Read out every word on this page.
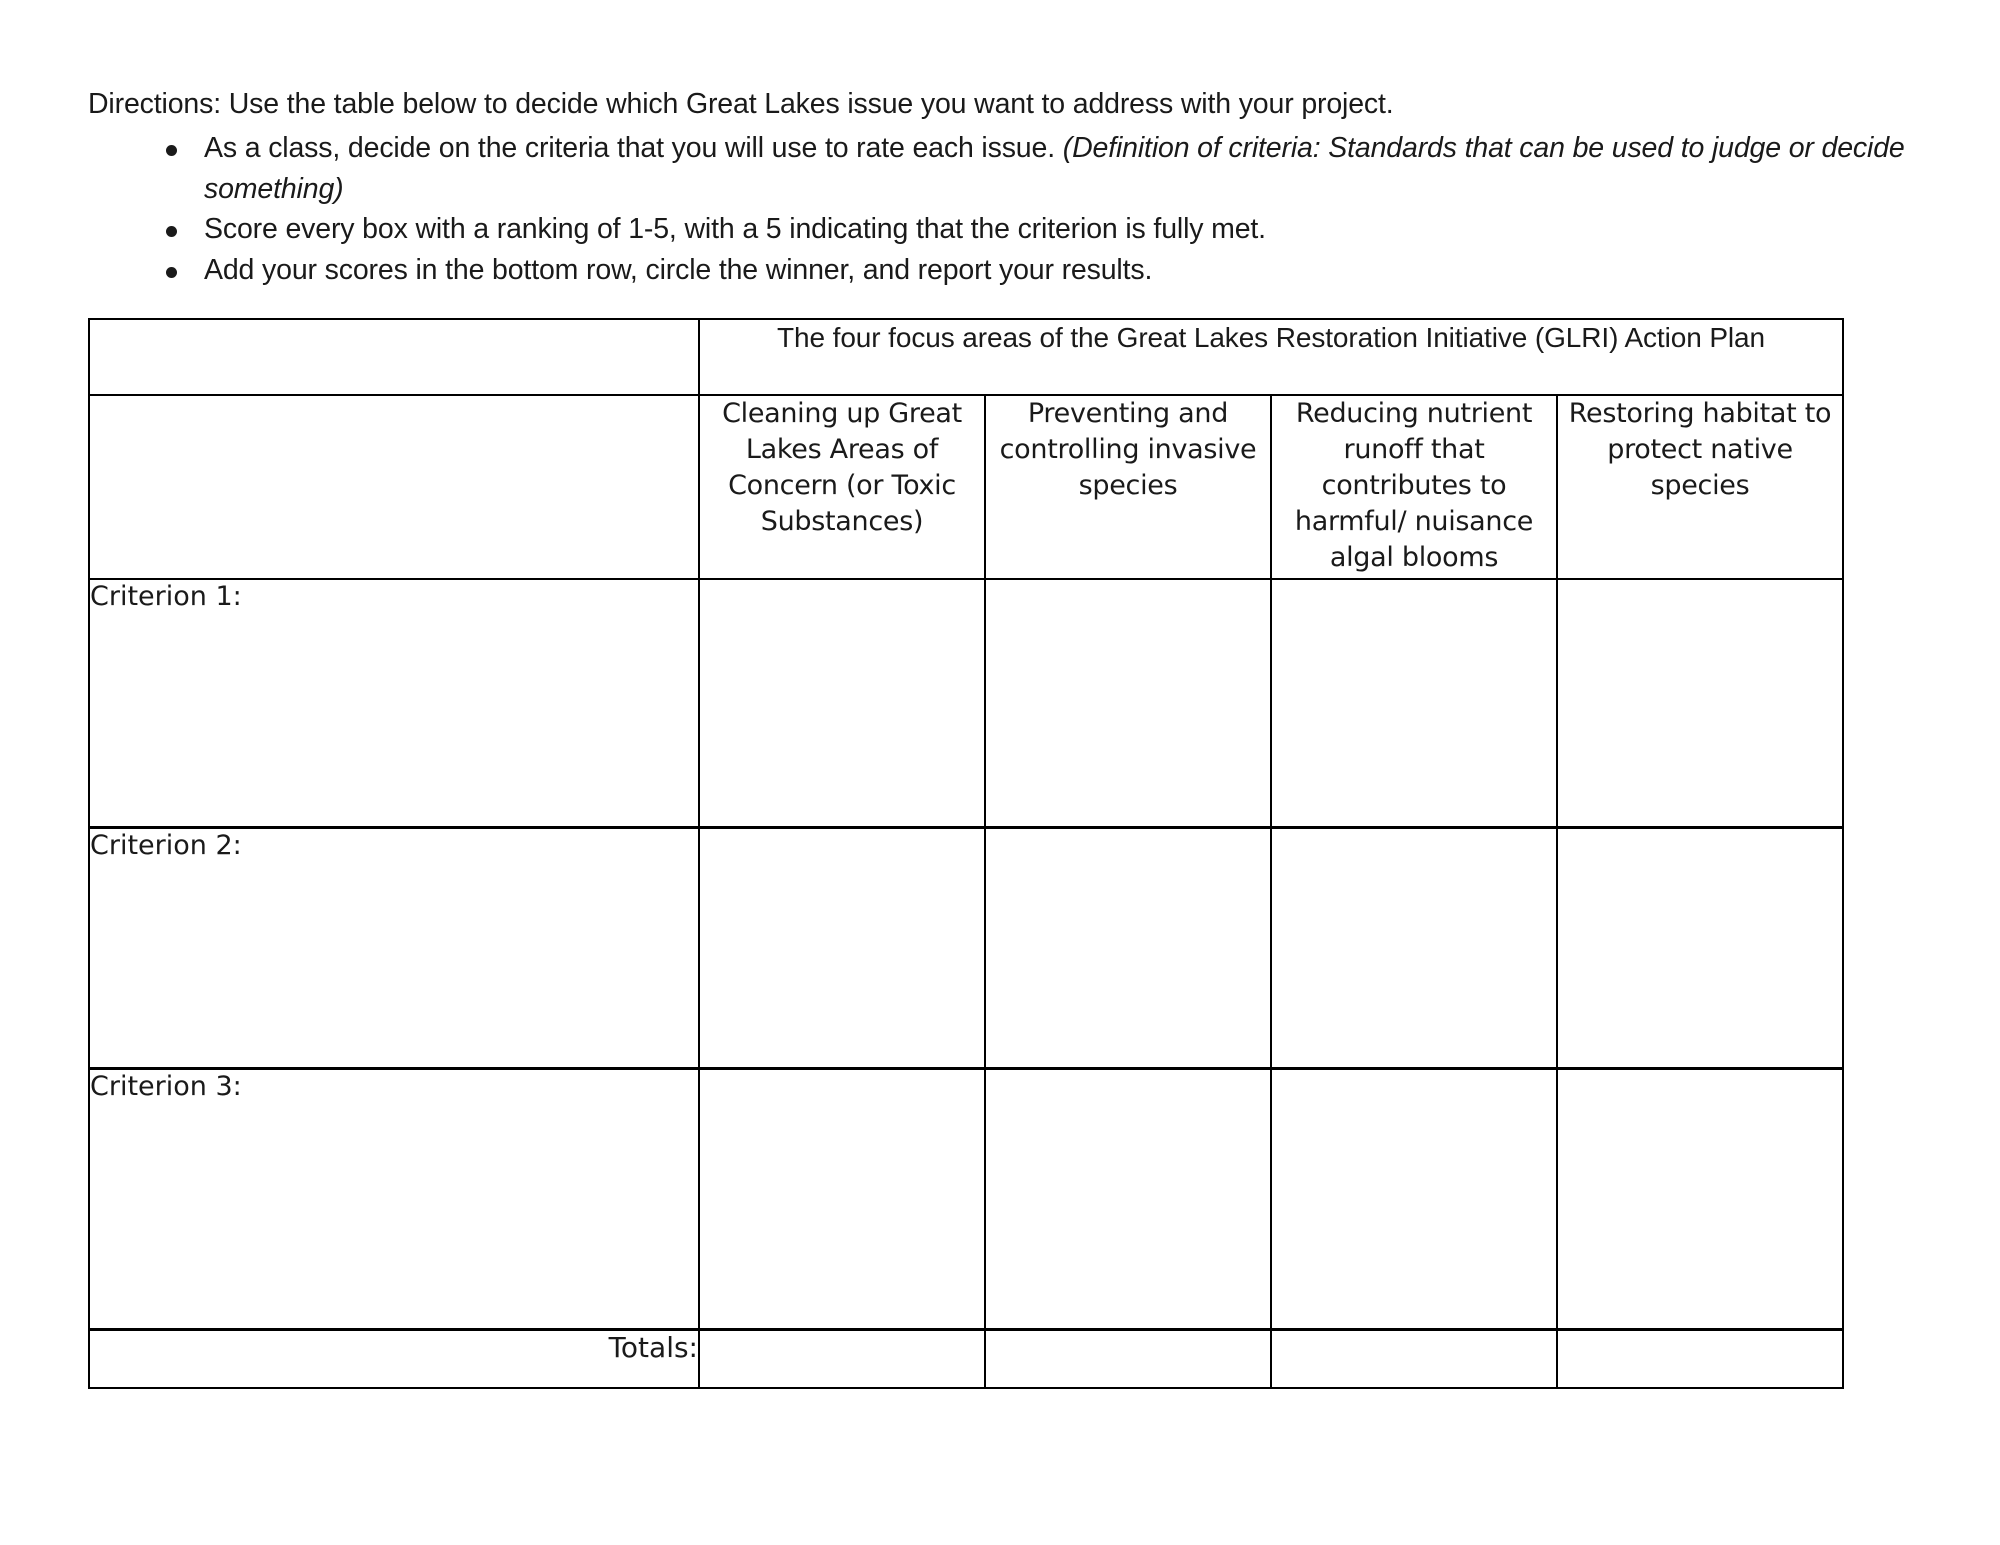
Directions: Use the table below to decide which Great Lakes issue you want to address with your project.
As a class, decide on the criteria that you will use to rate each issue. (Definition of criteria: Standards that can be used to judge or decide something)
Score every box with a ranking of 1-5, with a 5 indicating that the criterion is fully met.
Add your scores in the bottom row, circle the winner, and report your results.
	The four focus areas of the Great Lakes Restoration Initiative (GLRI) Action Plan			
	Cleaning up Great Lakes Areas of Concern (or Toxic Substances)	Preventing and controlling invasive species	Reducing nutrient runoff that contributes to harmful/ nuisance algal blooms	Restoring habitat to protect native species
Criterion 1:				
Criterion 2:				
Criterion 3:				
Totals:				
